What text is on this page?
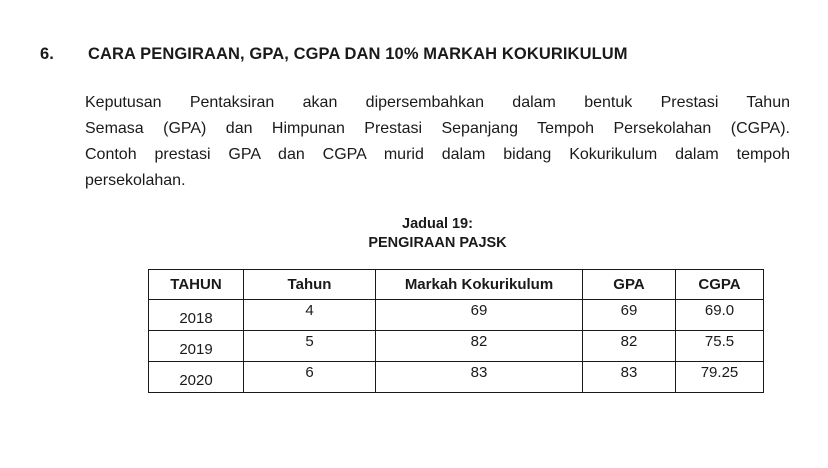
6.	CARA PENGIRAAN, GPA, CGPA DAN 10% MARKAH KOKURIKULUM
Keputusan Pentaksiran akan dipersembahkan dalam bentuk Prestasi Tahun
Semasa (GPA) dan Himpunan Prestasi Sepanjang Tempoh Persekolahan (CGPA).
Contoh prestasi GPA dan CGPA murid dalam bidang Kokurikulum dalam tempoh
persekolahan.
Jadual 19:
PENGIRAAN PAJSK
TAHUN	Tahun	Markah Kokurikulum	GPA	CGPA
2018	4	69	69	69.0
2019	5	82	82	75.5
2020	6	83	83	79.25
